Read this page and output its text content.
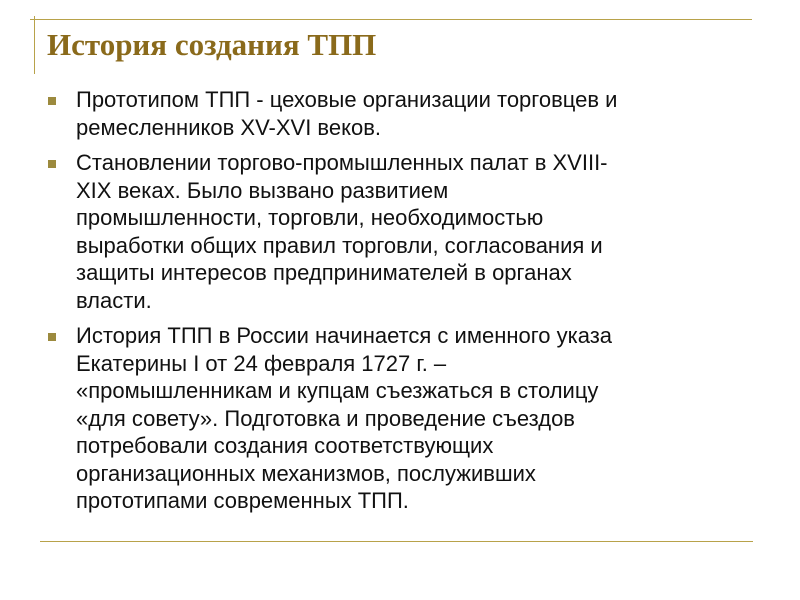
История создания ТПП
Прототипом ТПП - цеховые организации торговцев и
ремесленников XV-XVI веков.
Становлении торгово-промышленных палат в XVIII-
XIX веках. Было вызвано развитием
промышленности, торговли, необходимостью
выработки общих правил торговли, согласования и
защиты интересов предпринимателей в органах
власти.
История ТПП в России начинается с именного указа
Екатерины I от 24 февраля 1727 г. –
«промышленникам и купцам съезжаться в столицу
«для совету». Подготовка и проведение съездов
потребовали создания соответствующих
организационных механизмов, послуживших
прототипами современных ТПП.
